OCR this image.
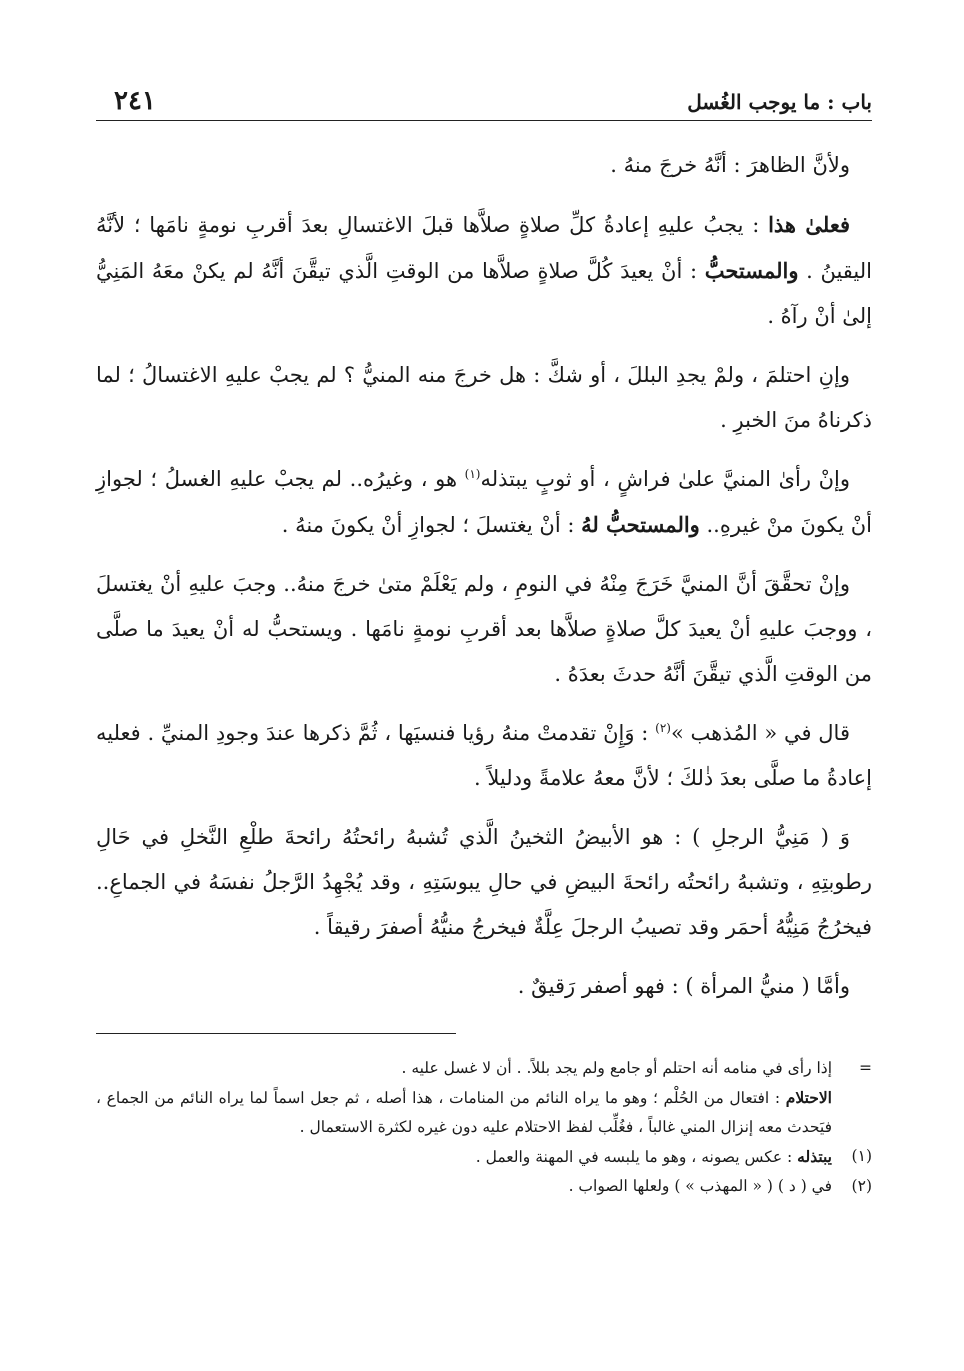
باب : ما يوجب الغُسل
٢٤١

ولأنَّ الظاهرَ : أنَّهُ خرجَ منهُ .

فعلىٰ هذا : يجبُ عليهِ إعادةُ كلِّ صلاةٍ صلاَّها قبلَ الاغتسالِ بعدَ أقربِ نومةٍ نامَها ؛ لأنَّهُ اليقينُ . والمستحبُّ : أنْ يعيدَ كُلَّ صلاةٍ صلاَّها من الوقتِ الَّذي تيقَّنَ أنَّهُ لم يكنْ معَهُ المَنِيُّ إلىٰ أنْ رآهُ .

وإنِ احتلمَ ، ولمْ يجدِ البللَ ، أو شكَّ : هل خرجَ منه المنيُّ ؟ لم يجبْ عليهِ الاغتسالُ ؛ لما ذكرناهُ منَ الخبرِ .

وإنْ رأىٰ المنيَّ علىٰ فراشٍ ، أو ثوبٍ يبتذله$^{(١)}$ هو ، وغيرُه.. لم يجبْ عليهِ الغسلُ ؛ لجوازِ أنْ يكونَ منْ غيرهِ.. والمستحبُّ لهُ : أنْ يغتسلَ ؛ لجوازِ أنْ يكونَ منهُ .

وإنْ تحقَّقَ أنَّ المنيَّ خَرَجَ مِنْهُ في النومِ ، ولم يَعْلَمْ متىٰ خرجَ منهُ.. وجبَ عليهِ أنْ يغتسلَ ، ووجبَ عليهِ أنْ يعيدَ كلَّ صلاةٍ صلاَّها بعد أقربِ نومةٍ نامَها . ويستحبُّ له أنْ يعيدَ ما صلَّى من الوقتِ الَّذي تيقَّنَ أنَّهُ حدثَ بعدَهُ .

قال في « المُذهب »$^{(٢)}$ : وَإِنْ تقدمتْ منهُ رؤيا فنسيَها ، ثُمَّ ذكرها عندَ وجودِ المنيِّ . فعليه إعادةُ ما صلَّى بعدَ ذٰلكَ ؛ لأنَّ معهُ علامةً ودليلاً .

وَ ( مَنِيُّ الرجلِ ) : هو الأبيضُ الثخينُ الَّذي تُشبهُ رائحتُهُ رائحةَ طلْعِ النَّخلِ في حَالِ رطوبتِهِ ، وتشبهُ رائحتُه رائحةَ البيضِ في حالِ يبوسَتِهِ ، وقد يُجْهِدُ الرَّجلُ نفسَهُ في الجماعِ.. فيخرُجُ مَنِيُّهُ أحمَر وقد تصيبُ الرجلَ عِلَّةٌ فيخرجُ منيُّهُ أصفرَ رقيقاً .

وأمَّا ( منيُّ المرأة ) : فهو أصفر رَقيقٌ .

=
إذا رأى في منامه أنه احتلم أو جامع ولم يجد بللاً. . أن لا غسل عليه .
الاحتلام : افتعال من الحُلْم ؛ وهو ما يراه النائم من المنامات ، هذا أصله ، ثم جعل اسماً لما يراه النائم من الجماع ، فيَحدث معه إنزال المني غالباً ، فغُلِّب لفظ الاحتلام عليه دون غيره لكثرة الاستعمال .
(١)
يبتذله : عكس يصونه ، وهو ما يلبسه في المهنة والعمل .
(٢)
في ( د ) ( « المهذب » ) ولعلها الصواب .
